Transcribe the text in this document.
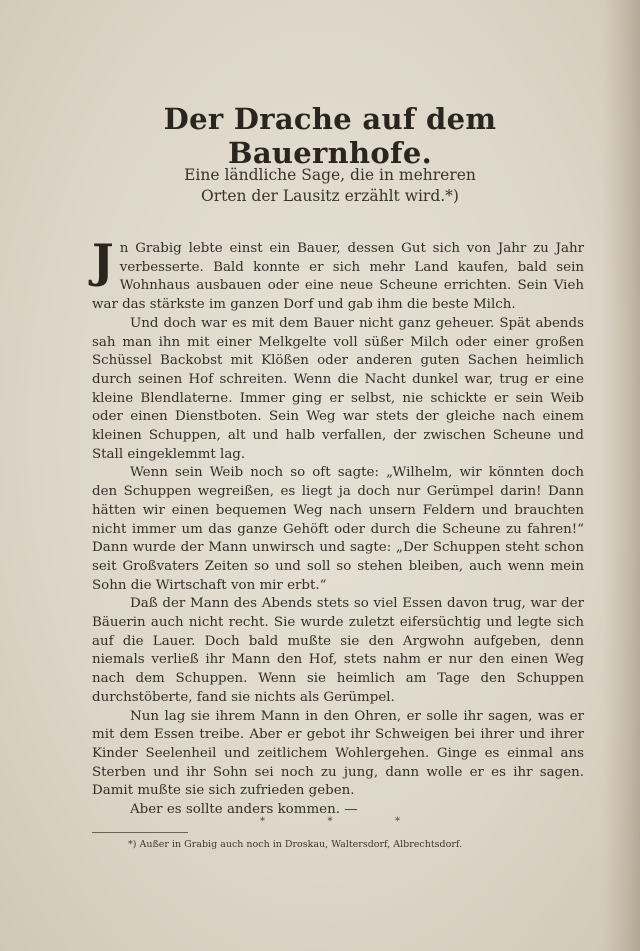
Der Drache auf dem Bauernhofe.
Eine ländliche Sage, die in mehreren
Orten der Lausitz erzählt wird.*)

Jn Grabig lebte einst ein Bauer, dessen Gut sich von Jahr zu Jahr verbesserte. Bald konnte er sich mehr Land kaufen, bald sein Wohnhaus ausbauen oder eine neue Scheune errichten. Sein Vieh war das stärkste im ganzen Dorf und gab ihm die beste Milch.

Und doch war es mit dem Bauer nicht ganz geheuer. Spät abends sah man ihn mit einer Melkgelte voll süßer Milch oder einer großen Schüssel Backobst mit Klößen oder anderen guten Sachen heimlich durch seinen Hof schreiten. Wenn die Nacht dunkel war, trug er eine kleine Blendlaterne. Immer ging er selbst, nie schickte er sein Weib oder einen Dienstboten. Sein Weg war stets der gleiche nach einem kleinen Schuppen, alt und halb verfallen, der zwischen Scheune und Stall eingeklemmt lag.

Wenn sein Weib noch so oft sagte: „Wilhelm, wir könnten doch den Schuppen wegreißen, es liegt ja doch nur Gerümpel darin! Dann hätten wir einen bequemen Weg nach unsern Feldern und brauchten nicht immer um das ganze Gehöft oder durch die Scheune zu fahren!“ Dann wurde der Mann unwirsch und sagte: „Der Schuppen steht schon seit Großvaters Zeiten so und soll so stehen bleiben, auch wenn mein Sohn die Wirtschaft von mir erbt.“

Daß der Mann des Abends stets so viel Essen davon trug, war der Bäuerin auch nicht recht. Sie wurde zuletzt eifersüchtig und legte sich auf die Lauer. Doch bald mußte sie den Argwohn aufgeben, denn niemals verließ ihr Mann den Hof, stets nahm er nur den einen Weg nach dem Schuppen. Wenn sie heimlich am Tage den Schuppen durchstöberte, fand sie nichts als Gerümpel.

Nun lag sie ihrem Mann in den Ohren, er solle ihr sagen, was er mit dem Essen treibe. Aber er gebot ihr Schweigen bei ihrer und ihrer Kinder Seelenheil und zeitlichem Wohlergehen. Ginge es einmal ans Sterben und ihr Sohn sei noch zu jung, dann wolle er es ihr sagen. Damit mußte sie sich zufrieden geben.

Aber es sollte anders kommen. —

*	*	*
*) Außer in Grabig auch noch in Droskau, Waltersdorf, Albrechtsdorf.
